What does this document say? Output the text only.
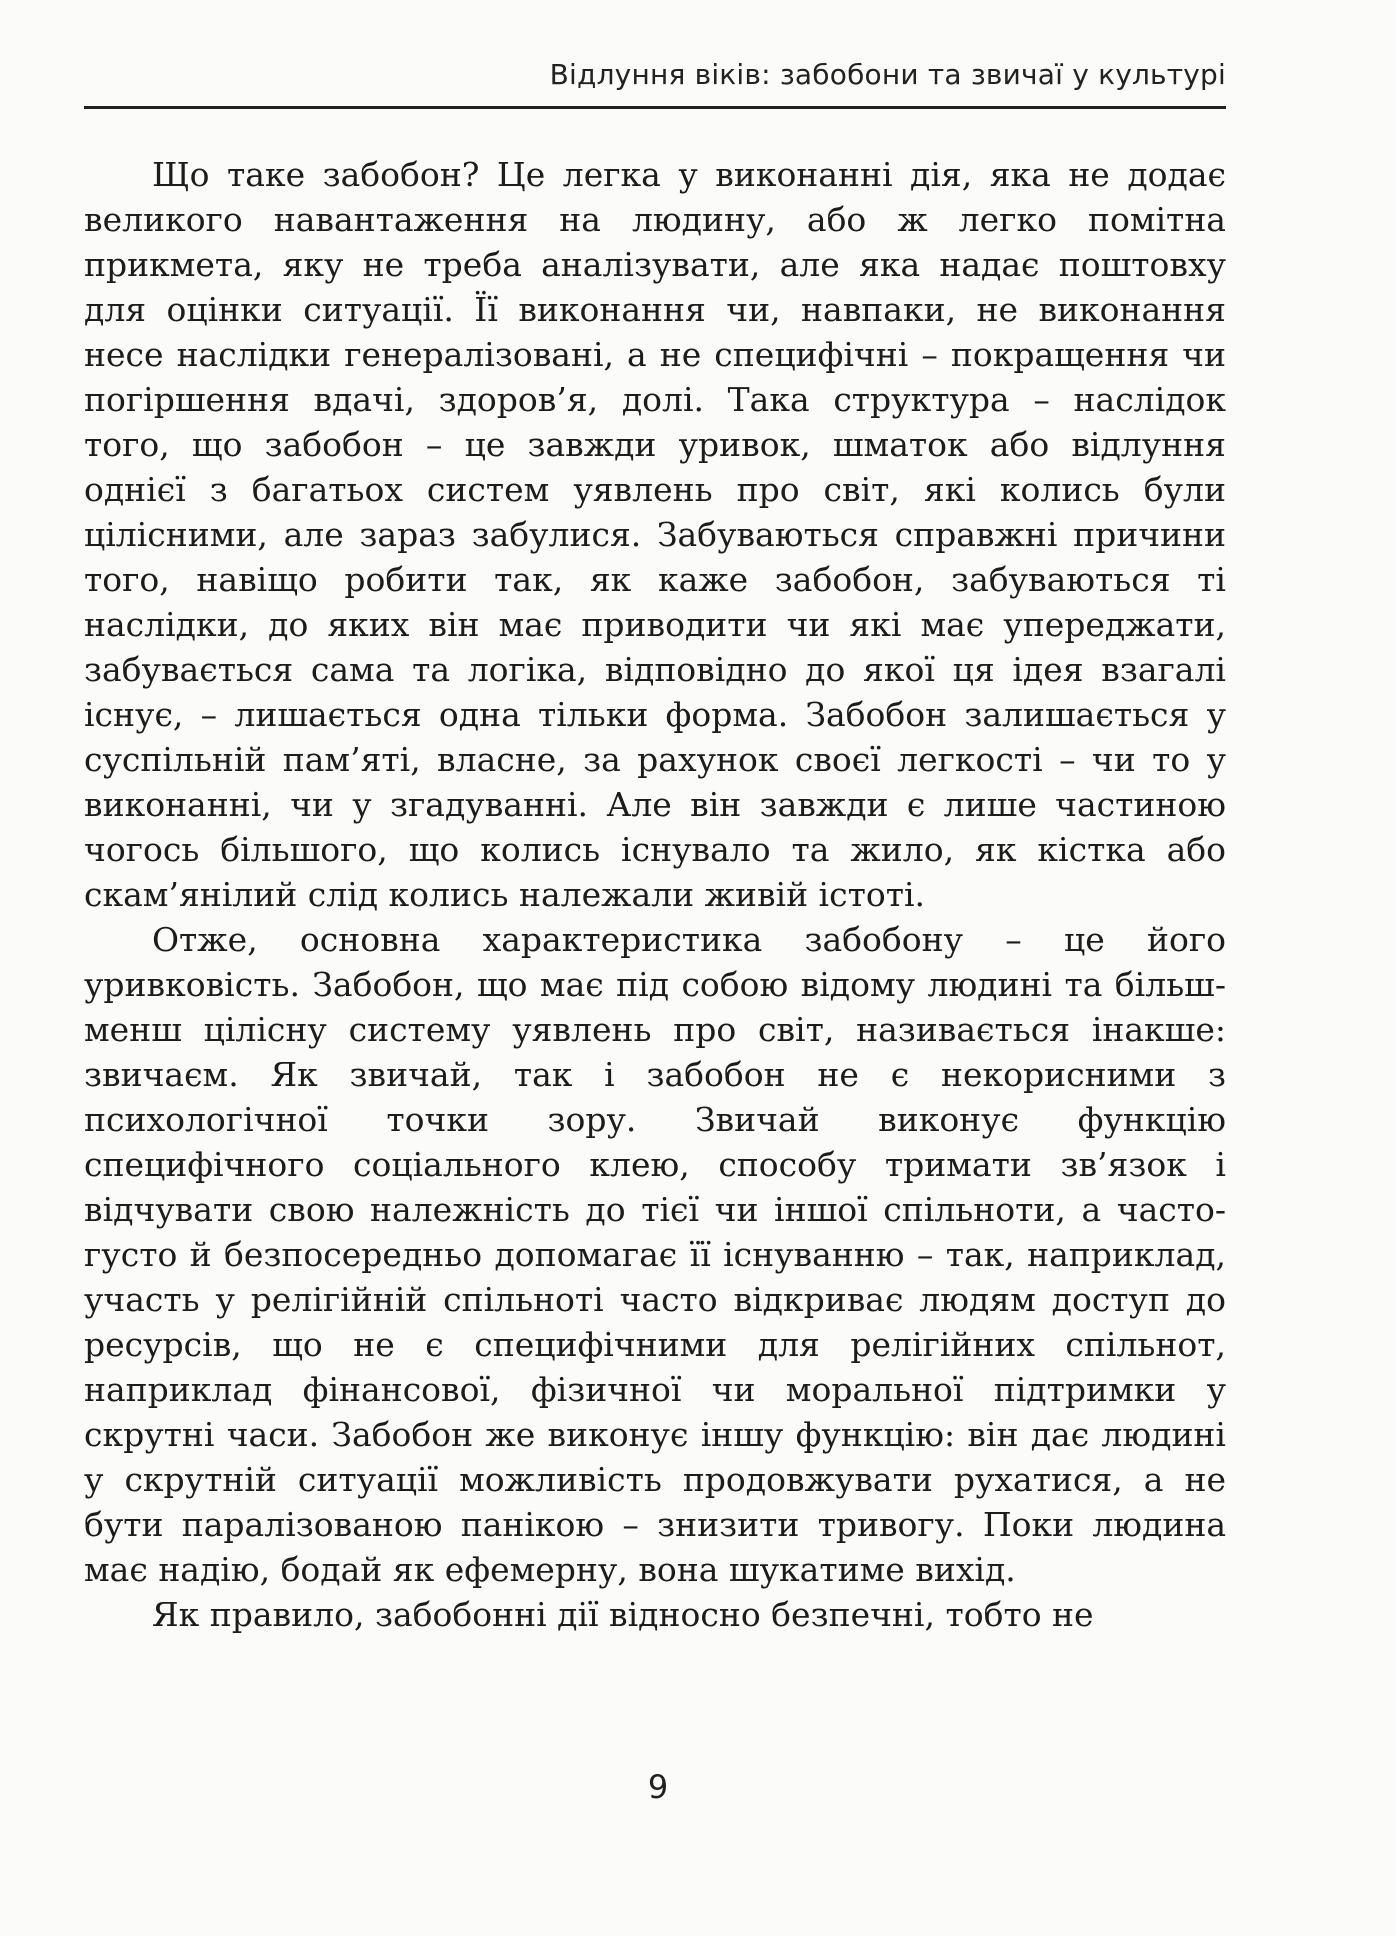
Відлуння віків: забобони та звичаї у культурі

Що таке забобон? Це легка у виконанні дія, яка не додає великого навантаження на людину, або ж легко помітна прикмета, яку не треба аналізувати, але яка надає поштовху для оцінки ситуації. Її виконання чи, навпаки, не виконання несе наслідки генералізовані, а не специфічні – покращення чи погіршення вдачі, здоров’я, долі. Така структура – наслідок того, що забобон – це завжди уривок, шматок або відлуння однієї з багатьох систем уявлень про світ, які колись були цілісними, але зараз забулися. Забуваються справжні причини того, навіщо робити так, як каже забобон, забуваються ті наслідки, до яких він має приводити чи які має упереджати, забувається сама та логіка, відповідно до якої ця ідея взагалі існує, – лишається одна тільки форма. Забобон залишається у суспільній пам’яті, власне, за рахунок своєї легкості – чи то у виконанні, чи у згадуванні. Але він завжди є лише частиною чогось більшого, що колись існувало та жило, як кістка або скам’янілий слід колись належали живій істоті.

Отже, основна характеристика забобону – це його уривковість. Забобон, що має під собою відому людині та більш-менш цілісну систему уявлень про світ, називається інакше: звичаєм. Як звичай, так і забобон не є некорисними з психологічної точки зору. Звичай виконує функцію специфічного соціального клею, способу тримати зв’язок і відчувати свою належність до тієї чи іншої спільноти, а часто-густо й безпосередньо допомагає її існуванню – так, наприклад, участь у релігійній спільноті часто відкриває людям доступ до ресурсів, що не є специфічними для релігійних спільнот, наприклад фінансової, фізичної чи моральної підтримки у скрутні часи. Забобон же виконує іншу функцію: він дає людині у скрутній ситуації можливість продовжувати рухатися, а не бути паралізованою панікою – знизити тривогу. Поки людина має надію, бодай як ефемерну, вона шукатиме вихід.

Як правило, забобонні дії відносно безпечні, тобто не

9
